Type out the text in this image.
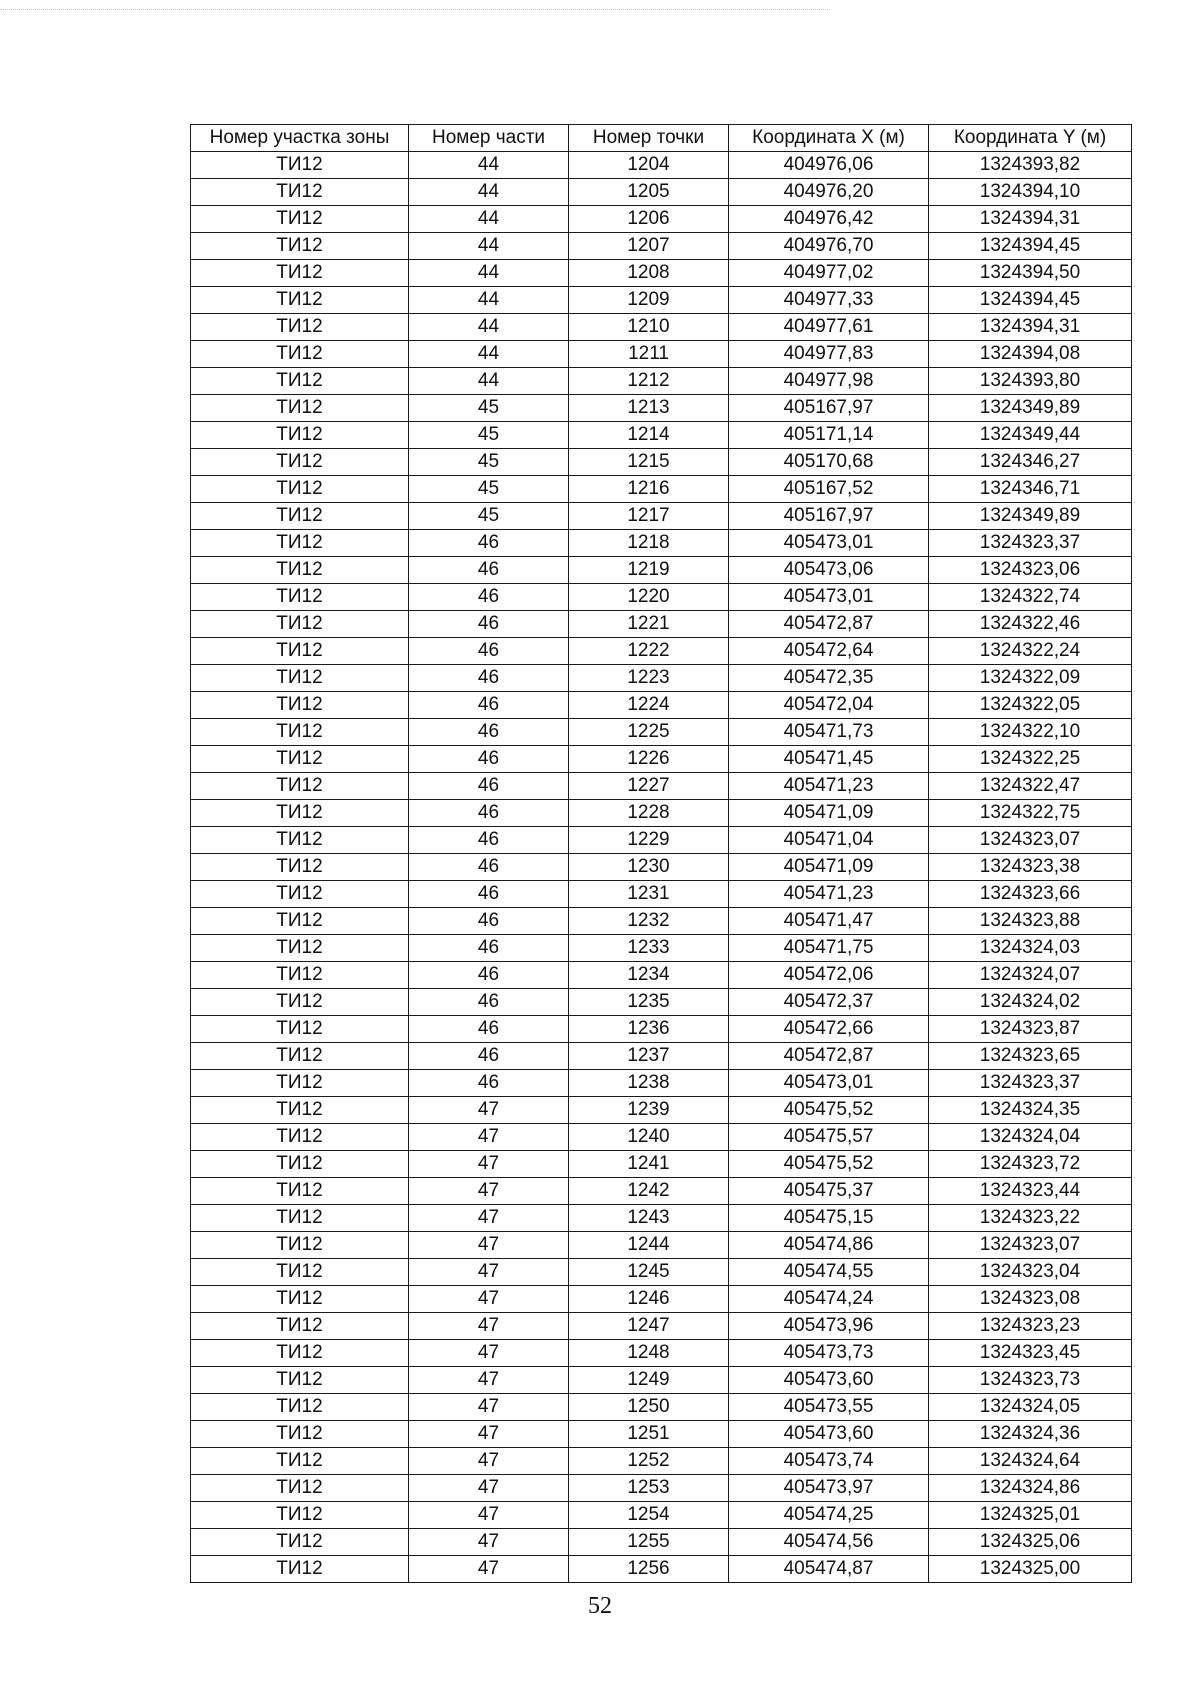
Номер участка зоны	Номер части	Номер точки	Координата X (м)	Координата Y (м)
ТИ12	44	1204	404976,06	1324393,82
ТИ12	44	1205	404976,20	1324394,10
ТИ12	44	1206	404976,42	1324394,31
ТИ12	44	1207	404976,70	1324394,45
ТИ12	44	1208	404977,02	1324394,50
ТИ12	44	1209	404977,33	1324394,45
ТИ12	44	1210	404977,61	1324394,31
ТИ12	44	1211	404977,83	1324394,08
ТИ12	44	1212	404977,98	1324393,80
ТИ12	45	1213	405167,97	1324349,89
ТИ12	45	1214	405171,14	1324349,44
ТИ12	45	1215	405170,68	1324346,27
ТИ12	45	1216	405167,52	1324346,71
ТИ12	45	1217	405167,97	1324349,89
ТИ12	46	1218	405473,01	1324323,37
ТИ12	46	1219	405473,06	1324323,06
ТИ12	46	1220	405473,01	1324322,74
ТИ12	46	1221	405472,87	1324322,46
ТИ12	46	1222	405472,64	1324322,24
ТИ12	46	1223	405472,35	1324322,09
ТИ12	46	1224	405472,04	1324322,05
ТИ12	46	1225	405471,73	1324322,10
ТИ12	46	1226	405471,45	1324322,25
ТИ12	46	1227	405471,23	1324322,47
ТИ12	46	1228	405471,09	1324322,75
ТИ12	46	1229	405471,04	1324323,07
ТИ12	46	1230	405471,09	1324323,38
ТИ12	46	1231	405471,23	1324323,66
ТИ12	46	1232	405471,47	1324323,88
ТИ12	46	1233	405471,75	1324324,03
ТИ12	46	1234	405472,06	1324324,07
ТИ12	46	1235	405472,37	1324324,02
ТИ12	46	1236	405472,66	1324323,87
ТИ12	46	1237	405472,87	1324323,65
ТИ12	46	1238	405473,01	1324323,37
ТИ12	47	1239	405475,52	1324324,35
ТИ12	47	1240	405475,57	1324324,04
ТИ12	47	1241	405475,52	1324323,72
ТИ12	47	1242	405475,37	1324323,44
ТИ12	47	1243	405475,15	1324323,22
ТИ12	47	1244	405474,86	1324323,07
ТИ12	47	1245	405474,55	1324323,04
ТИ12	47	1246	405474,24	1324323,08
ТИ12	47	1247	405473,96	1324323,23
ТИ12	47	1248	405473,73	1324323,45
ТИ12	47	1249	405473,60	1324323,73
ТИ12	47	1250	405473,55	1324324,05
ТИ12	47	1251	405473,60	1324324,36
ТИ12	47	1252	405473,74	1324324,64
ТИ12	47	1253	405473,97	1324324,86
ТИ12	47	1254	405474,25	1324325,01
ТИ12	47	1255	405474,56	1324325,06
ТИ12	47	1256	405474,87	1324325,00
52
